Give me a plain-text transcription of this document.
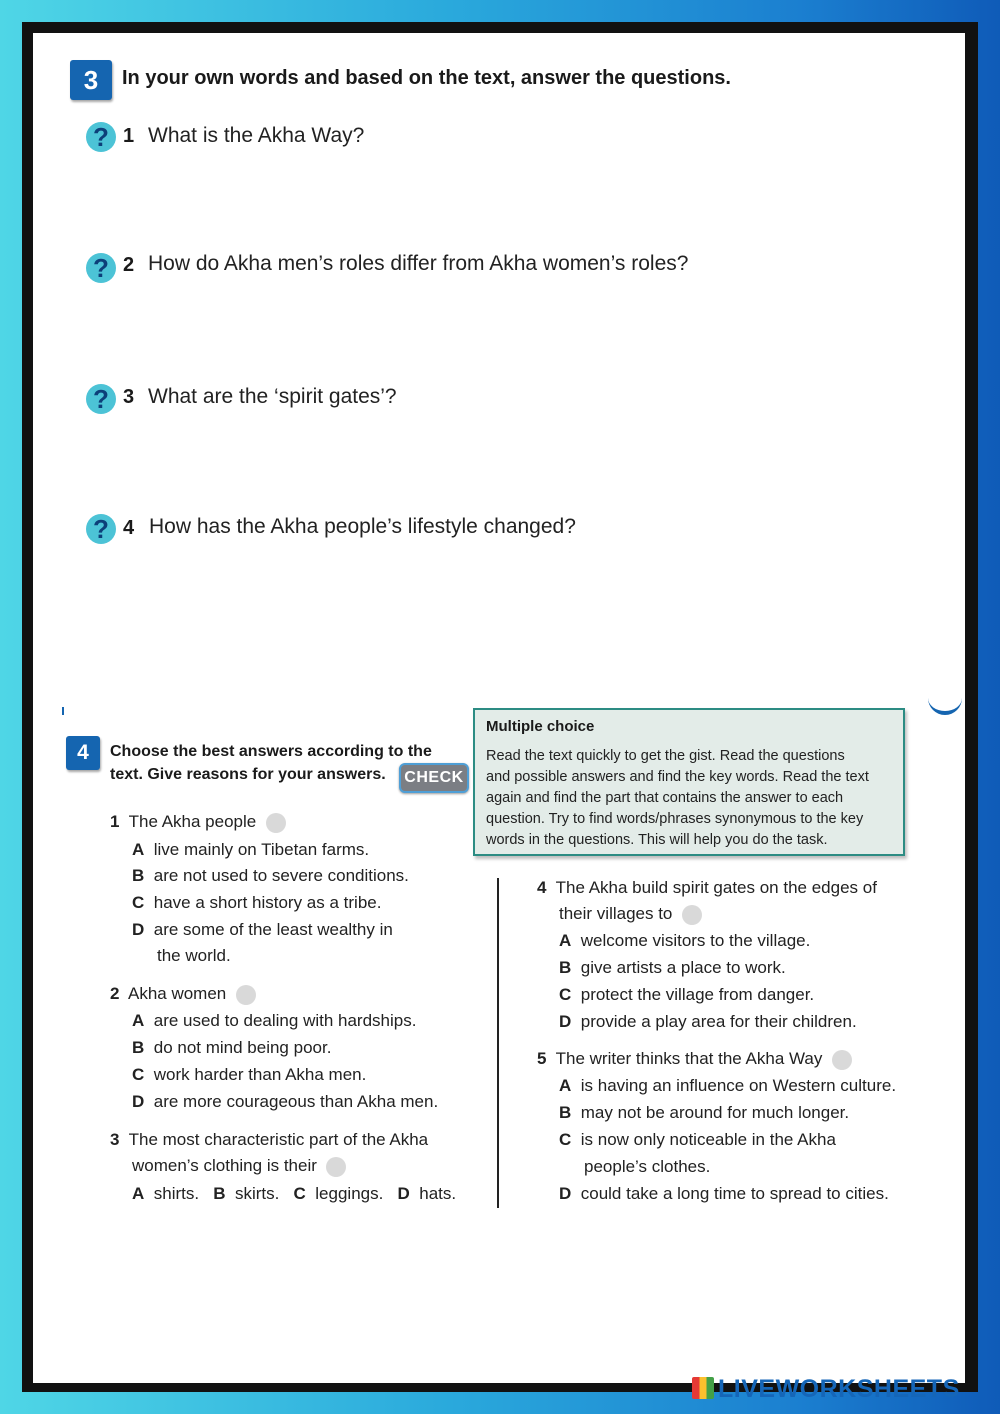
3	In your own words and based on the text, answer the questions.
? 1 What is the Akha Way?
? 2 How do Akha men’s roles differ from Akha women’s roles?
? 3 What are the ‘spirit gates’?
? 4 How has the Akha people’s lifestyle changed?
4	Choose the best answers according to the
text. Give reasons for your answers.	CHECK
Multiple choice
Read the text quickly to get the gist. Read the questions
and possible answers and find the key words. Read the text
again and find the part that contains the answer to each
question. Try to find words/phrases synonymous to the key
words in the questions. This will help you do the task.
1 The Akha people
A live mainly on Tibetan farms.
B are not used to severe conditions.
C have a short history as a tribe.
D are some of the least wealthy in
the world.
2 Akha women
A are used to dealing with hardships.
B do not mind being poor.
C work harder than Akha men.
D are more courageous than Akha men.
3 The most characteristic part of the Akha
women’s clothing is their
A shirts. B skirts. C leggings. D hats.
4 The Akha build spirit gates on the edges of
their villages to
A welcome visitors to the village.
B give artists a place to work.
C protect the village from danger.
D provide a play area for their children.
5 The writer thinks that the Akha Way
A is having an influence on Western culture.
B may not be around for much longer.
C is now only noticeable in the Akha
people’s clothes.
D could take a long time to spread to cities.
LIVEWORKSHEETS
